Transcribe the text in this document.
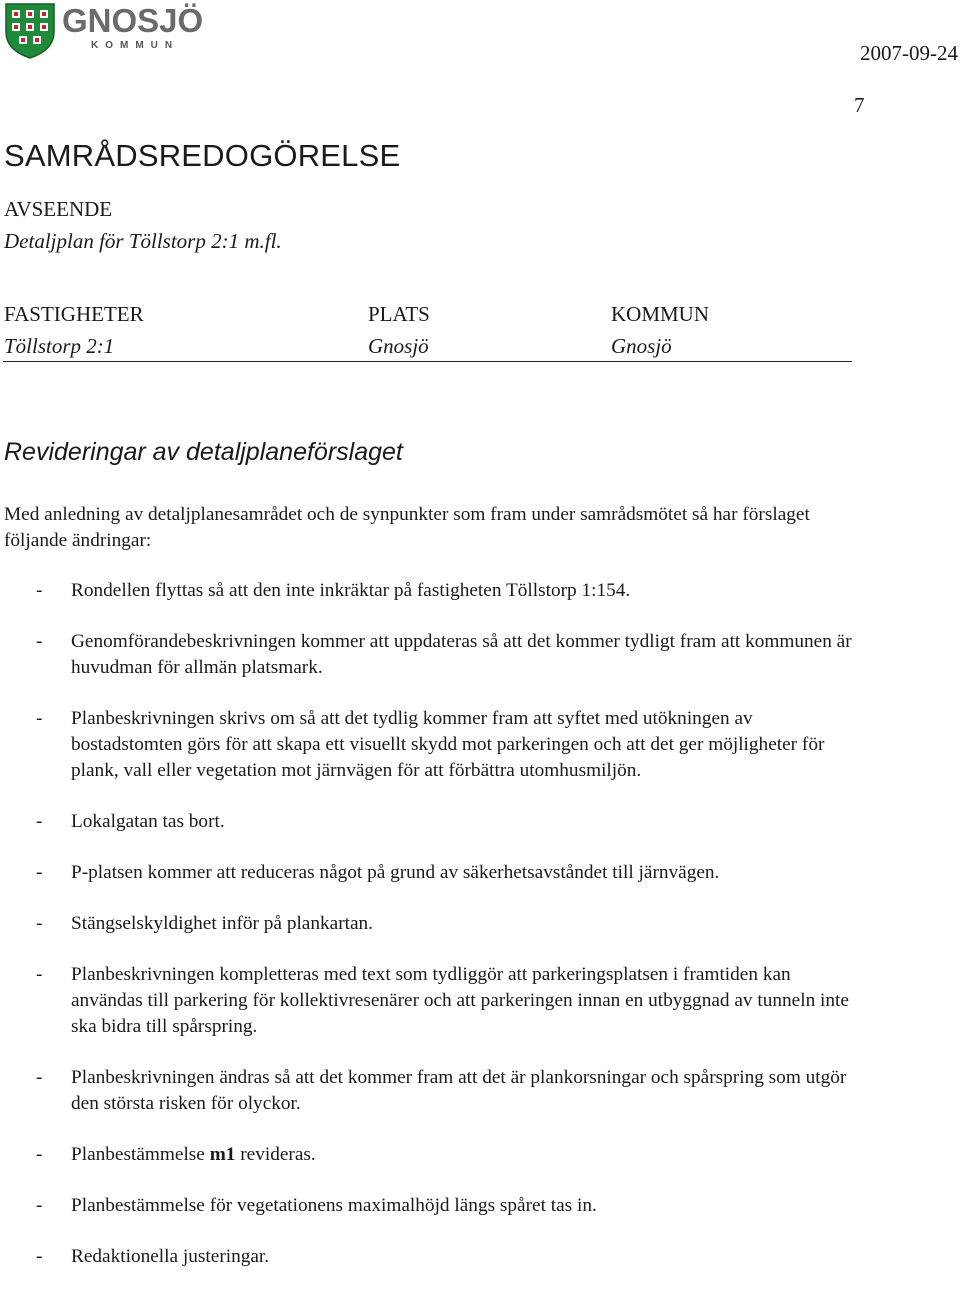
GNOSJÖ
KOMMUN	2007-09-24
7
SAMRÅDSREDOGÖRELSE
AVSEENDE
Detaljplan för Töllstorp 2:1 m.fl.
FASTIGHETER	PLATS	KOMMUN
Töllstorp 2:1	Gnosjö	Gnosjö
Revideringar av detaljplaneförslaget
Med anledning av detaljplanesamrådet och de synpunkter som fram under samrådsmötet så har förslaget följande ändringar:
- Rondellen flyttas så att den inte inkräktar på fastigheten Töllstorp 1:154.
- Genomförandebeskrivningen kommer att uppdateras så att det kommer tydligt fram att kommunen är huvudman för allmän platsmark.
- Planbeskrivningen skrivs om så att det tydlig kommer fram att syftet med utökningen av bostadstomten görs för att skapa ett visuellt skydd mot parkeringen och att det ger möjligheter för plank, vall eller vegetation mot järnvägen för att förbättra utomhusmiljön.
- Lokalgatan tas bort.
- P-platsen kommer att reduceras något på grund av säkerhetsavståndet till järnvägen.
- Stängselskyldighet inför på plankartan.
- Planbeskrivningen kompletteras med text som tydliggör att parkeringsplatsen i framtiden kan användas till parkering för kollektivresenärer och att parkeringen innan en utbyggnad av tunneln inte ska bidra till spårspring.
- Planbeskrivningen ändras så att det kommer fram att det är plankorsningar och spårspring som utgör den största risken för olyckor.
- Planbestämmelse m1 revideras.
- Planbestämmelse för vegetationens maximalhöjd längs spåret tas in.
- Redaktionella justeringar.
